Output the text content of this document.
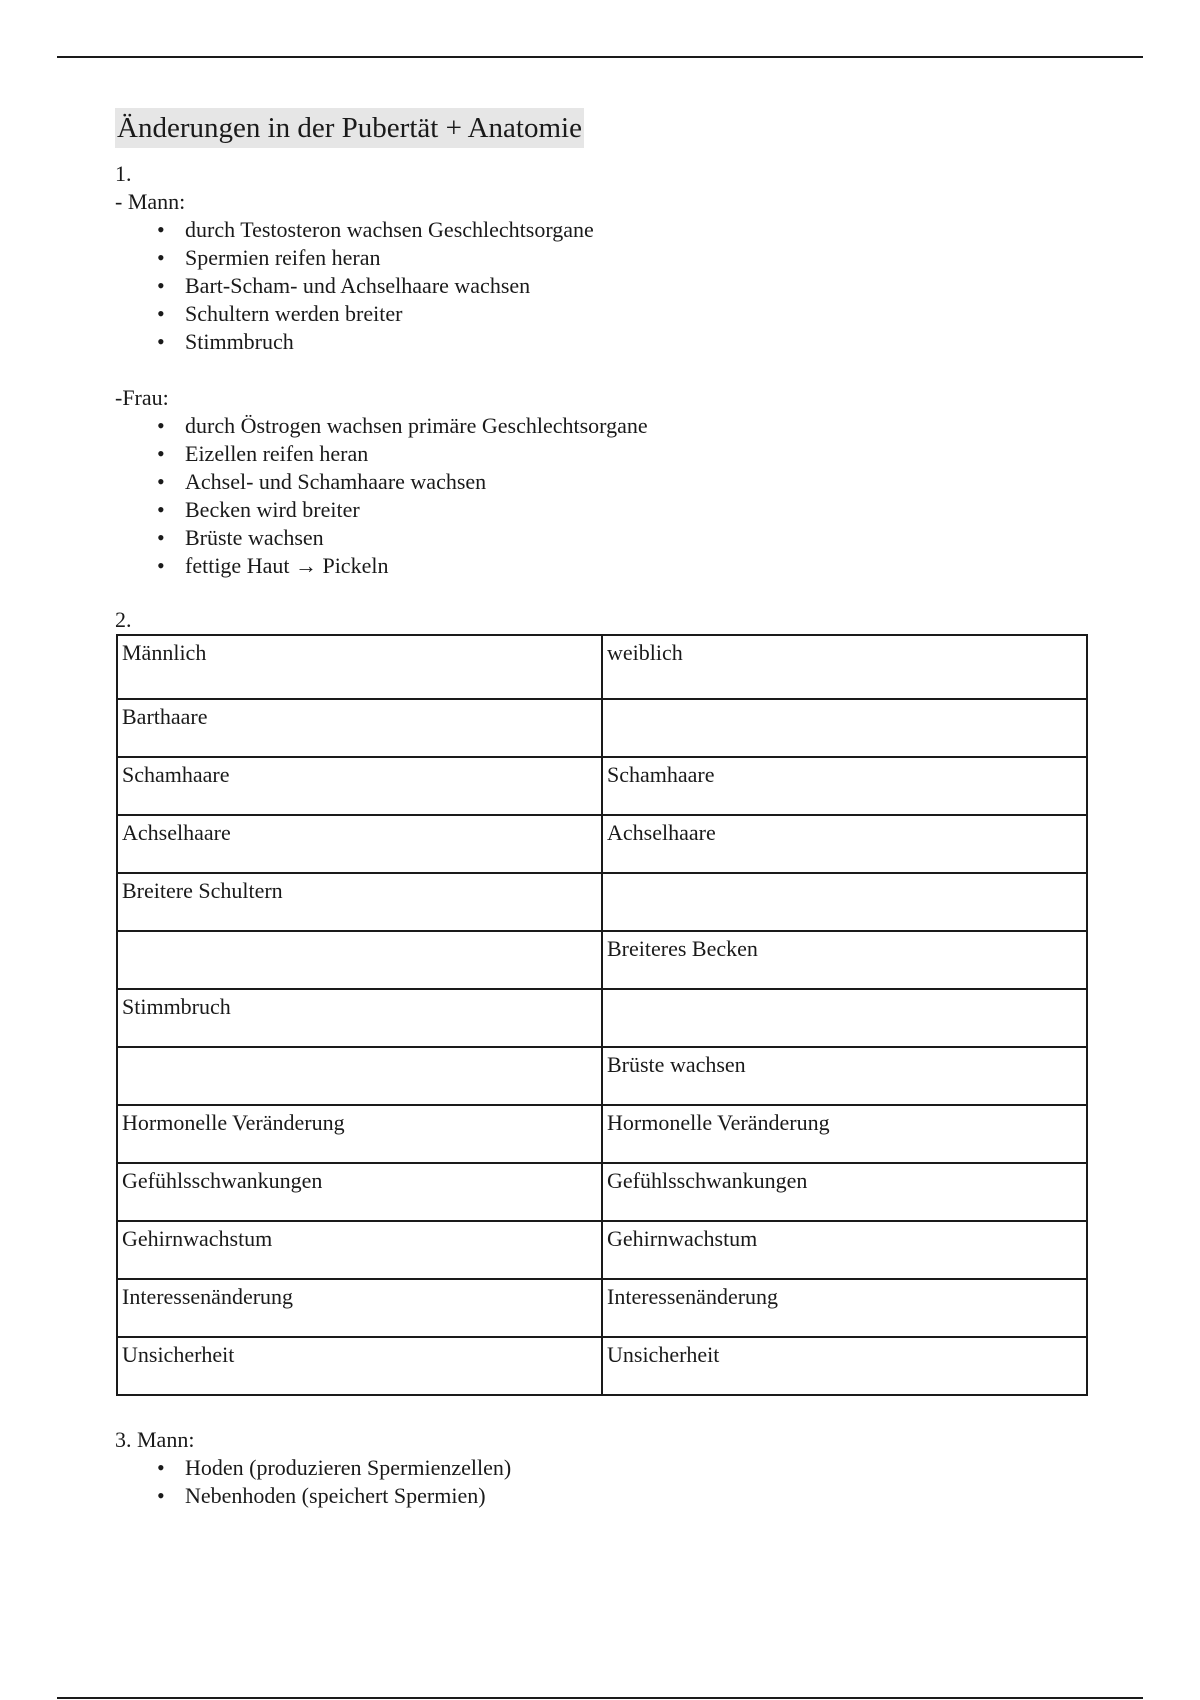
Änderungen in der Pubertät + Anatomie

1.

- Mann:

• durch Testosteron wachsen Geschlechtsorgane
• Spermien reifen heran
• Bart-Scham- und Achselhaare wachsen
• Schultern werden breiter
• Stimmbruch

-Frau:

• durch Östrogen wachsen primäre Geschlechtsorgane
• Eizellen reifen heran
• Achsel- und Schamhaare wachsen
• Becken wird breiter
• Brüste wachsen
• fettige Haut → Pickeln

2.

Männlich	weiblich
Barthaare	
Schamhaare	Schamhaare
Achselhaare	Achselhaare
Breitere Schultern	
	Breiteres Becken
Stimmbruch	
	Brüste wachsen
Hormonelle Veränderung	Hormonelle Veränderung
Gefühlsschwankungen	Gefühlsschwankungen
Gehirnwachstum	Gehirnwachstum
Interessenänderung	Interessenänderung
Unsicherheit	Unsicherheit

3. Mann:

• Hoden (produzieren Spermienzellen)
• Nebenhoden (speichert Spermien)
